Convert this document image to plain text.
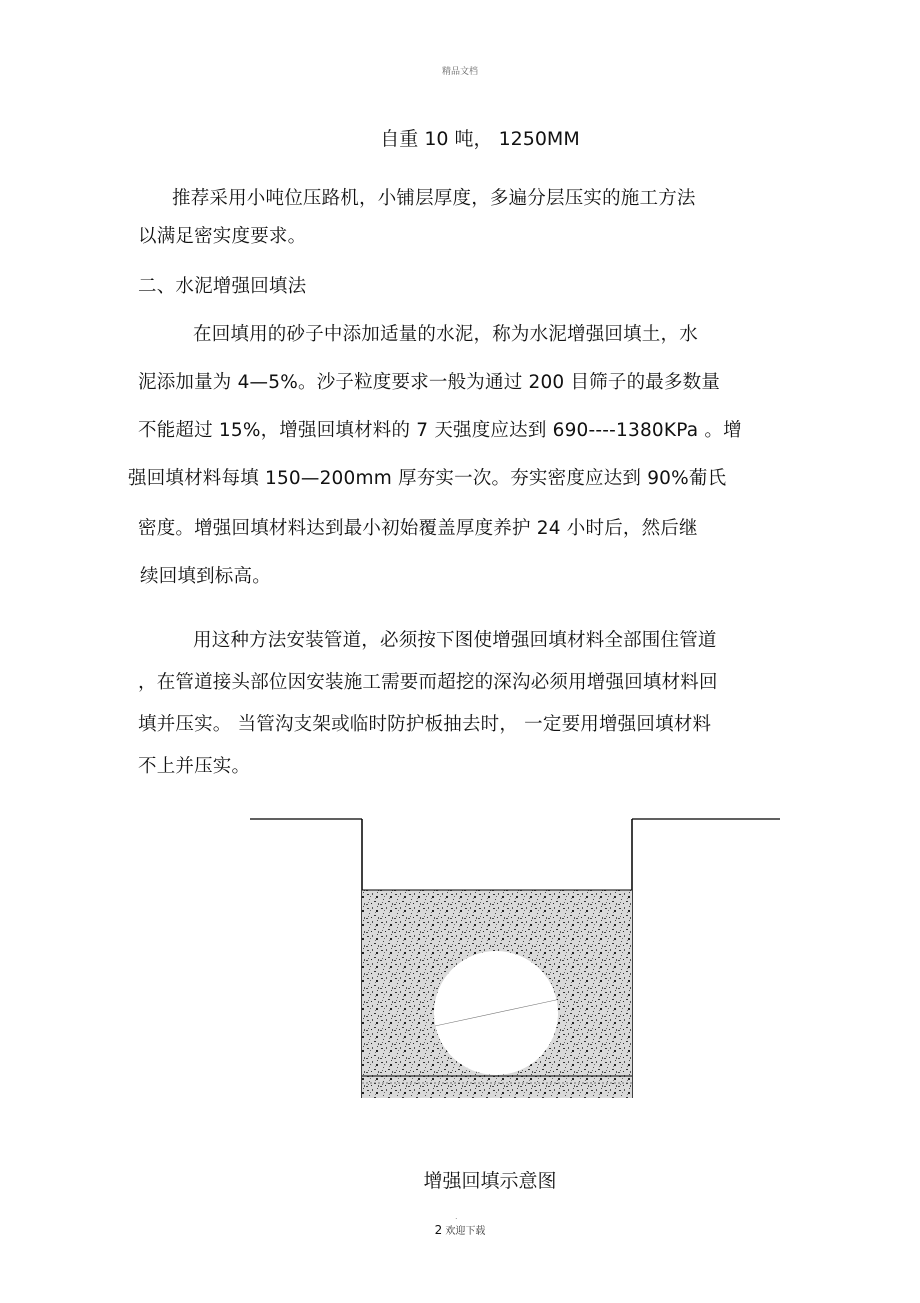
精品文档
自重 10 吨， 1250MM
推荐采用小吨位压路机，小铺层厚度，多遍分层压实的施工方法
以满足密实度要求。
二、水泥增强回填法
在回填用的砂子中添加适量的水泥，称为水泥增强回填土，水
泥添加量为 4—5%。沙子粒度要求一般为通过 200 目筛子的最多数量
不能超过 15%，增强回填材料的 7 天强度应达到 690----1380KPa 。增
强回填材料每填 150—200mm 厚夯实一次。夯实密度应达到 90%葡氏
密度。增强回填材料达到最小初始覆盖厚度养护 24 小时后，然后继
续回填到标高。
用这种方法安装管道，必须按下图使增强回填材料全部围住管道
，在管道接头部位因安装施工需要而超挖的深沟必须用增强回填材料回
填并压实。 当管沟支架或临时防护板抽去时， 一定要用增强回填材料
不上并压实。
增强回填示意图
.
2 欢迎下载
